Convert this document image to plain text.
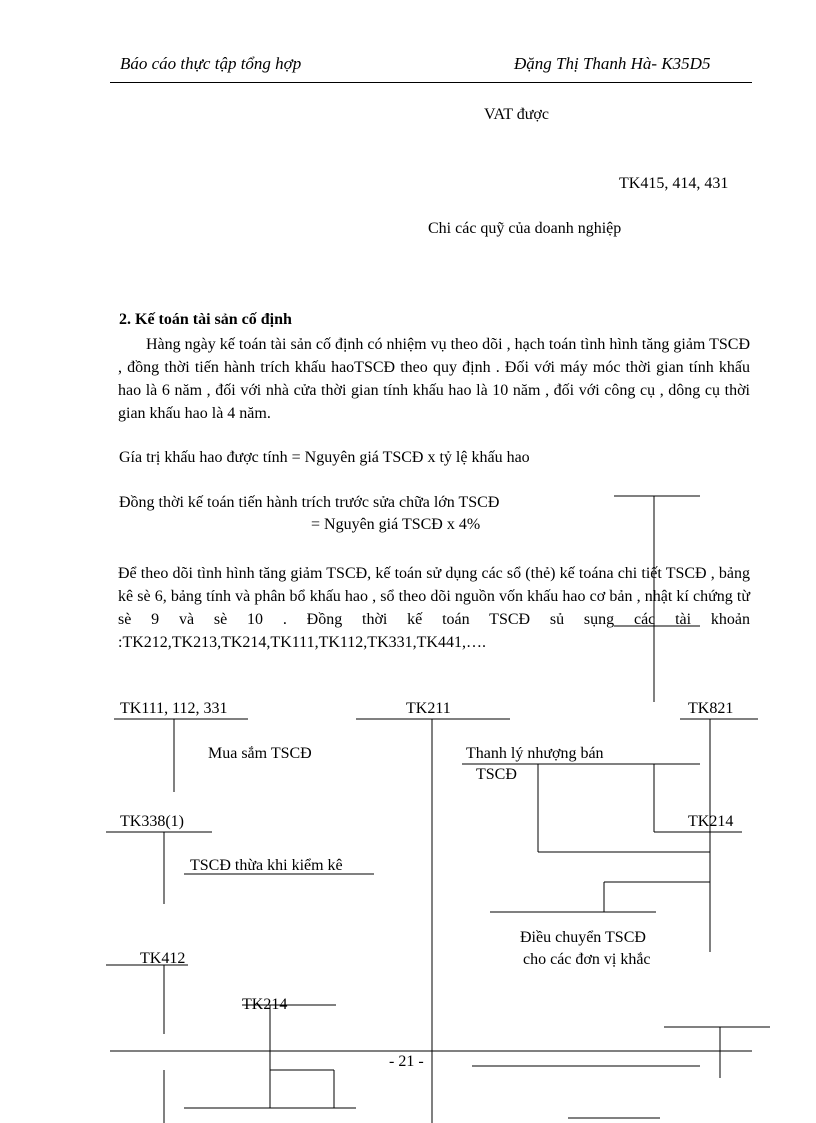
Báo cáo thực tập tổng hợp	Đặng Thị Thanh Hà- K35D5
VAT được
TK415, 414, 431
Chi các quỹ của doanh nghiệp
2. Kế toán tài sản cố định
Hàng ngày kế toán tài sản cố định có nhiệm vụ theo dõi , hạch toán tình hình tăng giảm TSCĐ , đồng thời tiến hành trích khấu haoTSCĐ theo quy định . Đối với máy móc thời gian tính khấu hao là 6 năm , đối với nhà cửa thời gian tính khấu hao là 10 năm , đối với công cụ , dông cụ thời gian khấu hao là 4 năm.
Gía trị khấu hao được tính = Nguyên giá TSCĐ x tỷ lệ khấu hao
Đồng thời kế toán tiến hành trích trước sửa chữa lớn TSCĐ
= Nguyên giá TSCĐ x 4%
Để theo dõi tình hình tăng giảm TSCĐ, kế toán sử dụng các sổ (thẻ) kế toána chi tiết TSCĐ , bảng kê sè 6, bảng tính và phân bổ khấu hao , sổ theo dõi nguồn vốn khấu hao cơ bản , nhật kí chứng từ sè 9 và sè 10 . Đồng thời kế toán TSCĐ sủ sụng các tài khoản :TK212,TK213,TK214,TK111,TK112,TK331,TK441,….
TK111, 112, 331	TK211	TK821
Mua sắm TSCĐ	Thanh lý nhượng bán
TSCĐ
TK338(1)	TK214
TSCĐ thừa khi kiểm kê
Điều chuyển TSCĐ
cho các đơn vị khắc
TK412
TK214
- 21 -
